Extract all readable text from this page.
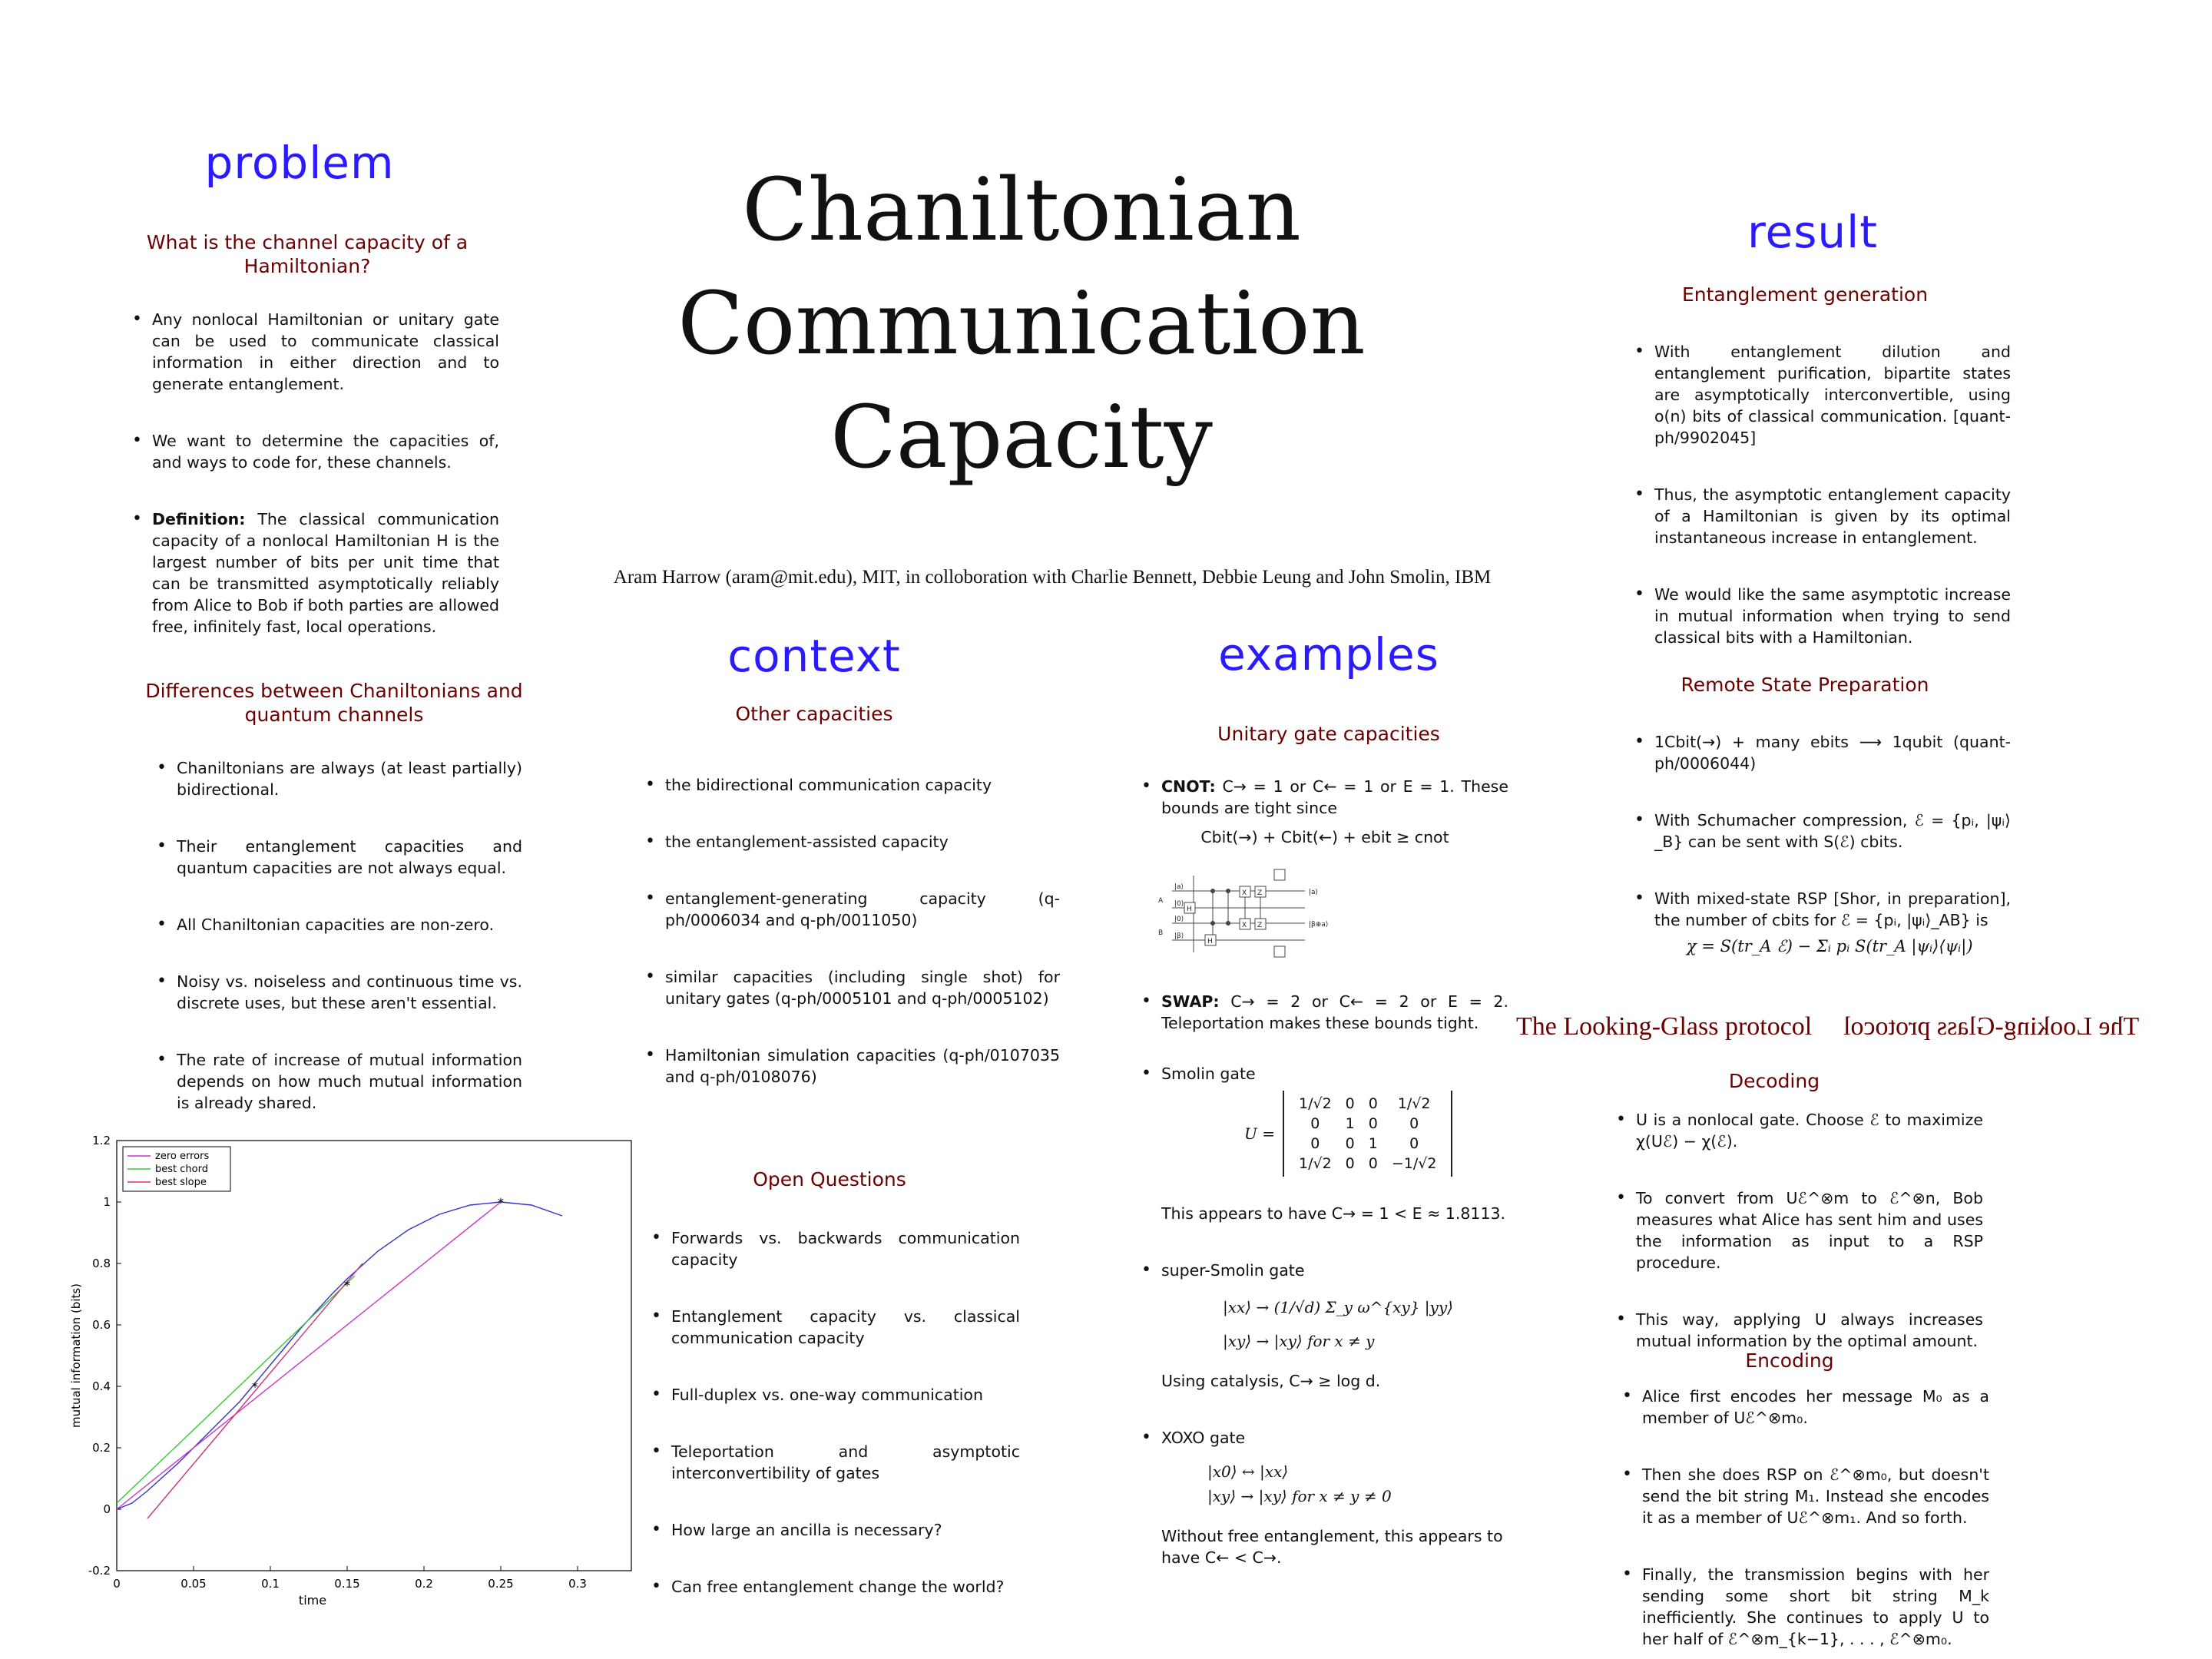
Chaniltonian
Communication
Capacity
Aram Harrow (aram@mit.edu), MIT, in colloboration with Charlie Bennett, Debbie Leung and John Smolin, IBM
problem
What is the channel capacity of a Hamiltonian?
• Any nonlocal Hamiltonian or unitary gate can be used to communicate classical information in either direction and to generate entanglement.
• We want to determine the capacities of, and ways to code for, these channels.
• Definition: The classical communication capacity of a nonlocal Hamiltonian H is the largest number of bits per unit time that can be transmitted asymptotically reliably from Alice to Bob if both parties are allowed free, infinitely fast, local operations.
Differences between Chaniltonians and quantum channels
• Chaniltonians are always (at least partially) bidirectional.
• Their entanglement capacities and quantum capacities are not always equal.
• All Chaniltonian capacities are non-zero.
• Noisy vs. noiseless and continuous time vs. discrete uses, but these aren't essential.
• The rate of increase of mutual information depends on how much mutual information is already shared.
0	0.05	0.1	0.15	0.2	0.25	0.3
-0.2
0
0.2
0.4
0.6
0.8
1
1.2
time
mutual information (bits)	*
*
*
zero errors
best chord
best slope
context
Other capacities
• the bidirectional communication capacity
• the entanglement-assisted capacity
• entanglement-generating capacity (q-ph/0006034 and q-ph/0011050)
• similar capacities (including single shot) for unitary gates (q-ph/0005101 and q-ph/0005102)
• Hamiltonian simulation capacities (q-ph/0107035 and q-ph/0108076)
Open Questions
• Forwards vs. backwards communication capacity
• Entanglement capacity vs. classical communication capacity
• Full-duplex vs. one-way communication
• Teleportation and asymptotic interconvertibility of gates
• How large an ancilla is necessary?
• Can free entanglement change the world?
examples
Unitary gate capacities
• CNOT: C→ = 1 or C← = 1 or E = 1. These bounds are tight since
Cbit(→) + Cbit(←) + ebit ≥ cnot
A
B
|a⟩
|0⟩
|0⟩
|β⟩
H
H
X
X
Z
Z
|a⟩
|β⊕a⟩
• SWAP: C→ = 2 or C← = 2 or E = 2. Teleportation makes these bounds tight.
• Smolin gate
U =
1/√2	0	0	1/√2
0	1	0	0
0	0	1	0
1/√2	0	0	−1/√2
This appears to have C→ = 1 < E ≈ 1.8113.
• super-Smolin gate
|xx⟩ → (1/√d) Σ_y ω^{xy} |yy⟩
|xy⟩ → |xy⟩ for x ≠ y
Using catalysis, C→ ≥ log d.
• XOXO gate
|x0⟩ ↔ |xx⟩
|xy⟩ → |xy⟩ for x ≠ y ≠ 0
Without free entanglement, this appears to have C← < C→.
result
Entanglement generation
• With entanglement dilution and entanglement purification, bipartite states are asymptotically interconvertible, using o(n) bits of classical communication. [quant-ph/9902045]
• Thus, the asymptotic entanglement capacity of a Hamiltonian is given by its optimal instantaneous increase in entanglement.
• We would like the same asymptotic increase in mutual information when trying to send classical bits with a Hamiltonian.
Remote State Preparation
• 1Cbit(→) + many ebits ⟶ 1qubit (quant-ph/0006044)
• With Schumacher compression, ℰ = {pᵢ, |ψᵢ⟩_B} can be sent with S(ℰ) cbits.
• With mixed-state RSP [Shor, in preparation], the number of cbits for ℰ = {pᵢ, |ψᵢ⟩_AB} is
χ = S(tr_A ℰ) − Σᵢ pᵢ S(tr_A |ψᵢ⟩⟨ψᵢ|)
The Looking-Glass protocol The Looking-Glass protocol
Decoding
• U is a nonlocal gate. Choose ℰ to maximize χ(Uℰ) − χ(ℰ).
• To convert from Uℰ^⊗m to ℰ^⊗n, Bob measures what Alice has sent him and uses the information as input to a RSP procedure.
• This way, applying U always increases mutual information by the optimal amount.
Encoding
• Alice first encodes her message M₀ as a member of Uℰ^⊗m₀.
• Then she does RSP on ℰ^⊗m₀, but doesn't send the bit string M₁. Instead she encodes it as a member of Uℰ^⊗m₁. And so forth.
• Finally, the transmission begins with her sending some short bit string M_k inefficiently. She continues to apply U to her half of ℰ^⊗m_{k−1}, . . . , ℰ^⊗m₀.
